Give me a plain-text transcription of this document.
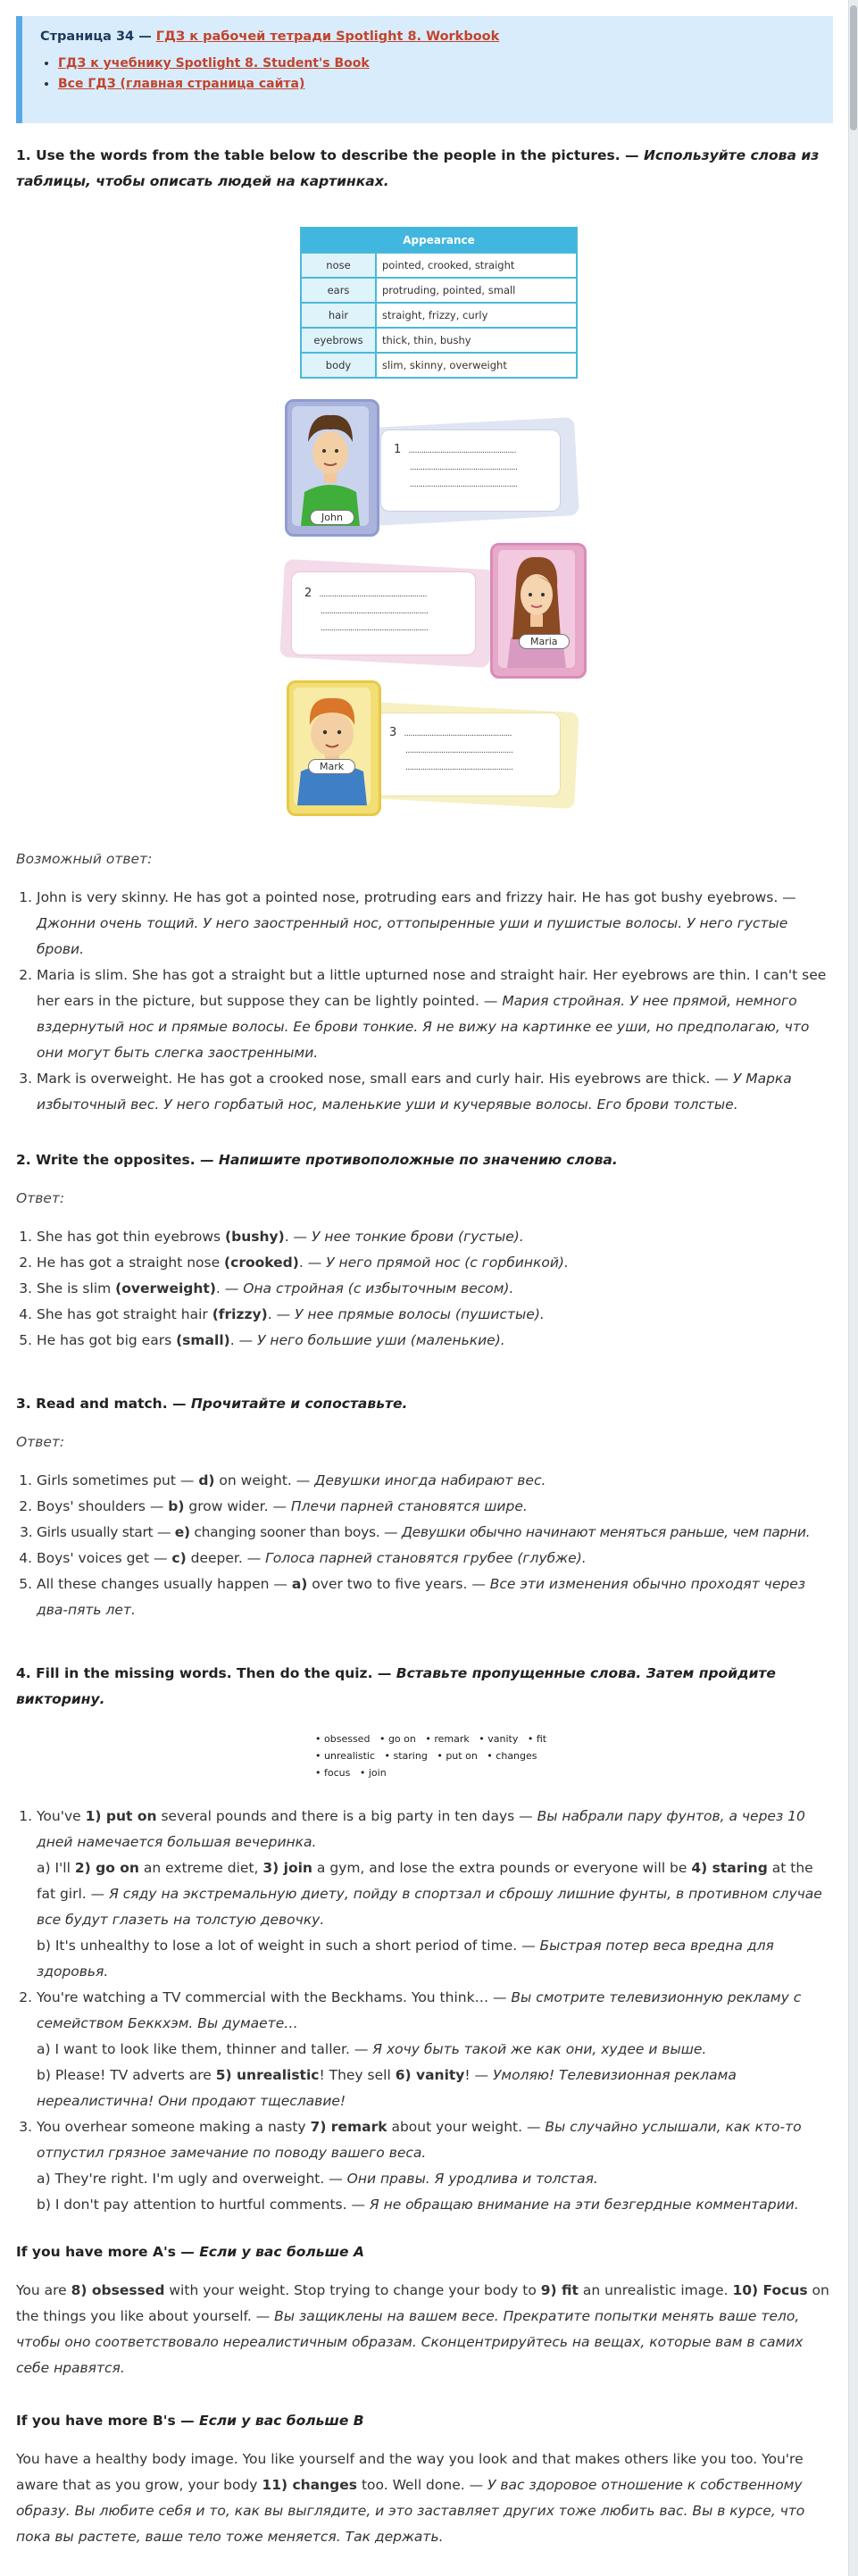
Страница 34 — ГДЗ к рабочей тетради Spotlight 8. Workbook

• ГДЗ к учебнику Spotlight 8. Student's Book
• Все ГДЗ (главная страница сайта)
1. Use the words from the table below to describe the people in the pictures. — Используйте слова из таблицы, чтобы описать людей на картинках.
Appearance	
nose	pointed, crooked, straight
ears	protruding, pointed, small
hair	straight, frizzy, curly
eyebrows	thick, thin, bushy
body	slim, skinny, overweight
1 ...................................................
...................................................
...................................................
John
2 ...................................................
...................................................
...................................................
Maria
3 ...................................................
...................................................
...................................................
Mark

Возможный ответ:

1. John is very skinny. He has got a pointed nose, protruding ears and frizzy hair. He has got bushy eyebrows. — Джонни очень тощий. У него заостренный нос, оттопыренные уши и пушистые волосы. У него густые брови.
2. Maria is slim. She has got a straight but a little upturned nose and straight hair. Her eyebrows are thin. I can't see her ears in the picture, but suppose they can be lightly pointed. — Мария стройная. У нее прямой, немного вздернутый нос и прямые волосы. Ее брови тонкие. Я не вижу на картинке ее уши, но предполагаю, что они могут быть слегка заостренными.
3. Mark is overweight. He has got a crooked nose, small ears and curly hair. His eyebrows are thick. — У Марка избыточный вес. У него горбатый нос, маленькие уши и кучерявые волосы. Его брови толстые.
2. Write the opposites. — Напишите противоположные по значению слова.

Ответ:

1. She has got thin eyebrows (bushy). — У нее тонкие брови (густые).
2. He has got a straight nose (crooked). — У него прямой нос (с горбинкой).
3. She is slim (overweight). — Она стройная (с избыточным весом).
4. She has got straight hair (frizzy). — У нее прямые волосы (пушистые).
5. He has got big ears (small). — У него большие уши (маленькие).
3. Read and match. — Прочитайте и сопоставьте.

Ответ:

1. Girls sometimes put — d) on weight. — Девушки иногда набирают вес.
2. Boys' shoulders — b) grow wider. — Плечи парней становятся шире.
3. Girls usually start — e) changing sooner than boys. — Девушки обычно начинают меняться раньше, чем парни.
4. Boys' voices get — c) deeper. — Голоса парней становятся грубее (глубже).
5. All these changes usually happen — a) over two to five years. — Все эти изменения обычно проходят через два-пять лет.
4. Fill in the missing words. Then do the quiz. — Вставьте пропущенные слова. Затем пройдите викторину.
• obsessed • go on • remark • vanity • fit
• unrealistic • staring • put on • changes
• focus • join
1. You've 1) put on several pounds and there is a big party in ten days — Вы набрали пару фунтов, а через 10 дней намечается большая вечеринка.
a) I'll 2) go on an extreme diet, 3) join a gym, and lose the extra pounds or everyone will be 4) staring at the fat girl. — Я сяду на экстремальную диету, пойду в спортзал и сброшу лишние фунты, в противном случае все будут глазеть на толстую девочку.
b) It's unhealthy to lose a lot of weight in such a short period of time. — Быстрая потер веса вредна для здоровья.
2. You're watching a TV commercial with the Beckhams. You think… — Вы смотрите телевизионную рекламу с семейством Беккхэм. Вы думаете…
a) I want to look like them, thinner and taller. — Я хочу быть такой же как они, худее и выше.
b) Please! TV adverts are 5) unrealistic! They sell 6) vanity! — Умоляю! Телевизионная реклама нереалистична! Они продают тщеславие!
3. You overhear someone making a nasty 7) remark about your weight. — Вы случайно услышали, как кто-то отпустил грязное замечание по поводу вашего веса.
a) They're right. I'm ugly and overweight. — Они правы. Я уродлива и толстая.
b) I don't pay attention to hurtful comments. — Я не обращаю внимание на эти безгердные комментарии.
If you have more A's — Если у вас больше A

You are 8) obsessed with your weight. Stop trying to change your body to 9) fit an unrealistic image. 10) Focus on the things you like about yourself. — Вы защиклены на вашем весе. Прекратите попытки менять ваше тело, чтобы оно соответствовало нереалистичным образам. Сконцентрируйтесь на вещах, которые вам в самих себе нравятся.

If you have more B's — Если у вас больше B

You have a healthy body image. You like yourself and the way you look and that makes others like you too. You're aware that as you grow, your body 11) changes too. Well done. — У вас здоровое отношение к собственному образу. Вы любите себя и то, как вы выглядите, и это заставляет других тоже любить вас. Вы в курсе, что пока вы растете, ваше тело тоже меняется. Так держать.
